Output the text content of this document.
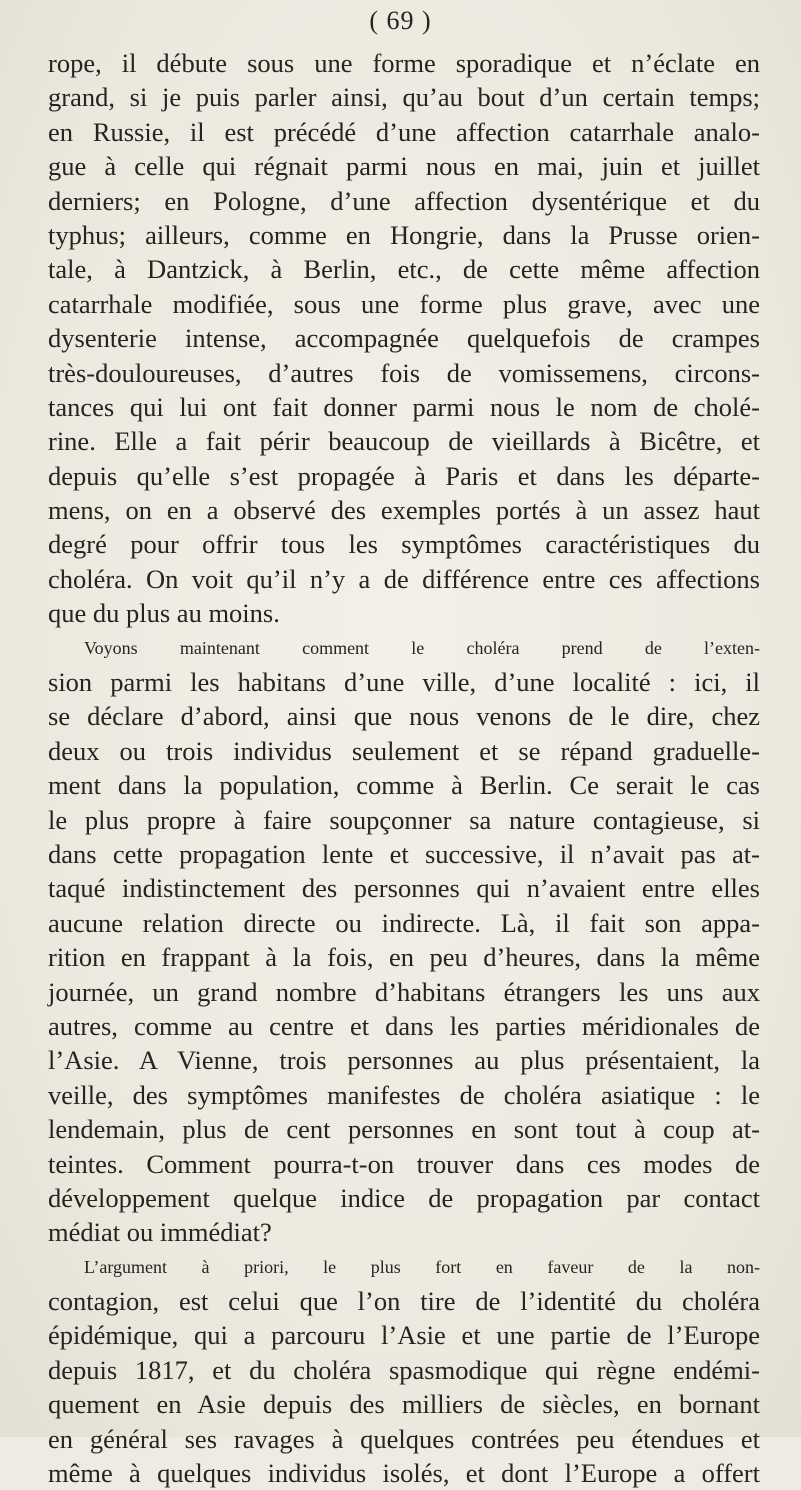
( 69 )
rope, il débute sous une forme sporadique et n’éclate en
grand, si je puis parler ainsi, qu’au bout d’un certain temps;
en Russie, il est précédé d’une affection catarrhale analo-
gue à celle qui régnait parmi nous en mai, juin et juillet
derniers; en Pologne, d’une affection dysentérique et du
typhus; ailleurs, comme en Hongrie, dans la Prusse orien-
tale, à Dantzick, à Berlin, etc., de cette même affection
catarrhale modifiée, sous une forme plus grave, avec une
dysenterie intense, accompagnée quelquefois de crampes
très-douloureuses, d’autres fois de vomissemens, circons-
tances qui lui ont fait donner parmi nous le nom de cholé-
rine. Elle a fait périr beaucoup de vieillards à Bicêtre, et
depuis qu’elle s’est propagée à Paris et dans les départe-
mens, on en a observé des exemples portés à un assez haut
degré pour offrir tous les symptômes caractéristiques du
choléra. On voit qu’il n’y a de différence entre ces affections
que du plus au moins.
Voyons maintenant comment le choléra prend de l’exten-
sion parmi les habitans d’une ville, d’une localité : ici, il
se déclare d’abord, ainsi que nous venons de le dire, chez
deux ou trois individus seulement et se répand graduelle-
ment dans la population, comme à Berlin. Ce serait le cas
le plus propre à faire soupçonner sa nature contagieuse, si
dans cette propagation lente et successive, il n’avait pas at-
taqué indistinctement des personnes qui n’avaient entre elles
aucune relation directe ou indirecte. Là, il fait son appa-
rition en frappant à la fois, en peu d’heures, dans la même
journée, un grand nombre d’habitans étrangers les uns aux
autres, comme au centre et dans les parties méridionales de
l’Asie. A Vienne, trois personnes au plus présentaient, la
veille, des symptômes manifestes de choléra asiatique : le
lendemain, plus de cent personnes en sont tout à coup at-
teintes. Comment pourra-t-on trouver dans ces modes de
développement quelque indice de propagation par contact
médiat ou immédiat?
L’argument à priori, le plus fort en faveur de la non-
contagion, est celui que l’on tire de l’identité du choléra
épidémique, qui a parcouru l’Asie et une partie de l’Europe
depuis 1817, et du choléra spasmodique qui règne endémi-
quement en Asie depuis des milliers de siècles, en bornant
en général ses ravages à quelques contrées peu étendues et
même à quelques individus isolés, et dont l’Europe a offert
